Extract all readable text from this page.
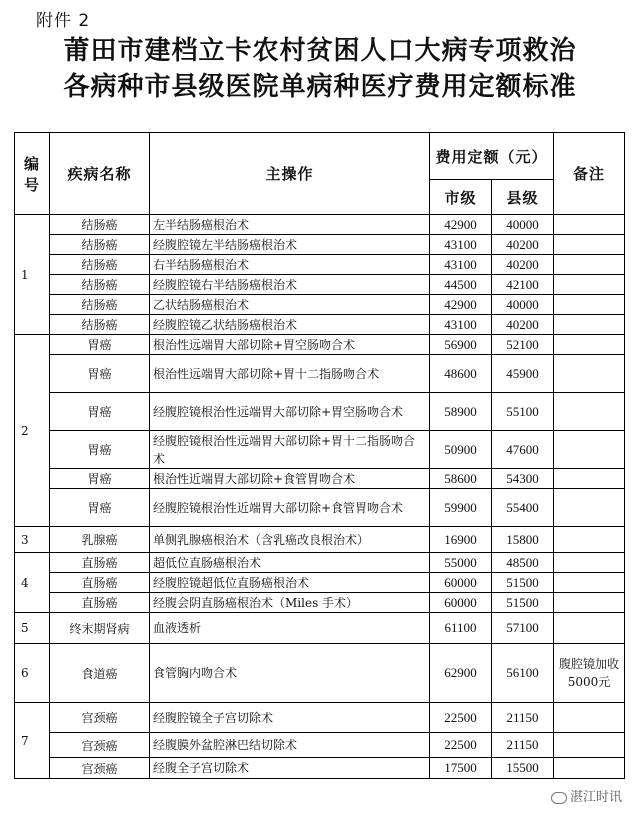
附件 2
莆田市建档立卡农村贫困人口大病专项救治
各病种市县级医院单病种医疗费用定额标准
编号	疾病名称	主操作	费用定额（元）		备注
			市级	县级	
1	结肠癌	左半结肠癌根治术	42900	40000	
	结肠癌	经腹腔镜左半结肠癌根治术	43100	40200	
	结肠癌	右半结肠癌根治术	43100	40200	
	结肠癌	经腹腔镜右半结肠癌根治术	44500	42100	
	结肠癌	乙状结肠癌根治术	42900	40000	
	结肠癌	经腹腔镜乙状结肠癌根治术	43100	40200	
2	胃癌	根治性远端胃大部切除+胃空肠吻合术	56900	52100	
	胃癌	根治性远端胃大部切除+胃十二指肠吻合术	48600	45900	
	胃癌	经腹腔镜根治性远端胃大部切除+胃空肠吻合术	58900	55100	
	胃癌	经腹腔镜根治性远端胃大部切除+胃十二指肠吻合术	50900	47600	
	胃癌	根治性近端胃大部切除+食管胃吻合术	58600	54300	
	胃癌	经腹腔镜根治性近端胃大部切除+食管胃吻合术	59900	55400	
3	乳腺癌	单侧乳腺癌根治术（含乳癌改良根治术）	16900	15800	
4	直肠癌	超低位直肠癌根治术	55000	48500	
	直肠癌	经腹腔镜超低位直肠癌根治术	60000	51500	
	直肠癌	经腹会阴直肠癌根治术（Miles 手术）	60000	51500	
5	终末期肾病	血液透析	61100	57100	
6	食道癌	食管胸内吻合术	62900	56100	腹腔镜加收5000元
7	宫颈癌	经腹腔镜全子宫切除术	22500	21150	
	宫颈癌	经腹膜外盆腔淋巴结切除术	22500	21150	
	宫颈癌	经腹全子宫切除术	17500	15500	
湛江时讯
